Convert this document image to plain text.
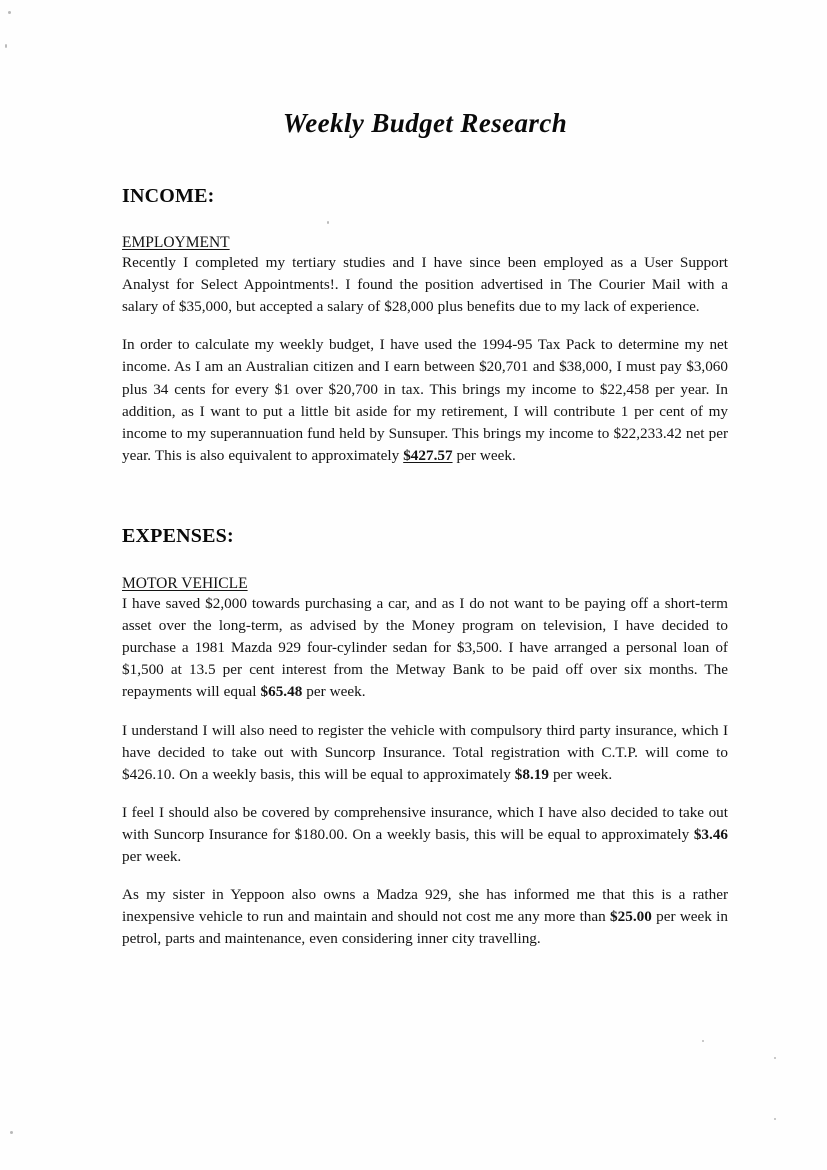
Weekly Budget Research
INCOME:
EMPLOYMENT

Recently I completed my tertiary studies and I have since been employed as a User Support Analyst for Select Appointments!. I found the position advertised in The Courier Mail with a salary of $35,000, but accepted a salary of $28,000 plus benefits due to my lack of experience.

In order to calculate my weekly budget, I have used the 1994-95 Tax Pack to determine my net income. As I am an Australian citizen and I earn between $20,701 and $38,000, I must pay $3,060 plus 34 cents for every $1 over $20,700 in tax. This brings my income to $22,458 per year. In addition, as I want to put a little bit aside for my retirement, I will contribute 1 per cent of my income to my superannuation fund held by Sunsuper. This brings my income to $22,233.42 net per year. This is also equivalent to approximately $427.57 per week.

EXPENSES:
MOTOR VEHICLE

I have saved $2,000 towards purchasing a car, and as I do not want to be paying off a short-term asset over the long-term, as advised by the Money program on television, I have decided to purchase a 1981 Mazda 929 four-cylinder sedan for $3,500. I have arranged a personal loan of $1,500 at 13.5 per cent interest from the Metway Bank to be paid off over six months. The repayments will equal $65.48 per week.

I understand I will also need to register the vehicle with compulsory third party insurance, which I have decided to take out with Suncorp Insurance. Total registration with C.T.P. will come to $426.10. On a weekly basis, this will be equal to approximately $8.19 per week.

I feel I should also be covered by comprehensive insurance, which I have also decided to take out with Suncorp Insurance for $180.00. On a weekly basis, this will be equal to approximately $3.46 per week.

As my sister in Yeppoon also owns a Madza 929, she has informed me that this is a rather inexpensive vehicle to run and maintain and should not cost me any more than $25.00 per week in petrol, parts and maintenance, even considering inner city travelling.
